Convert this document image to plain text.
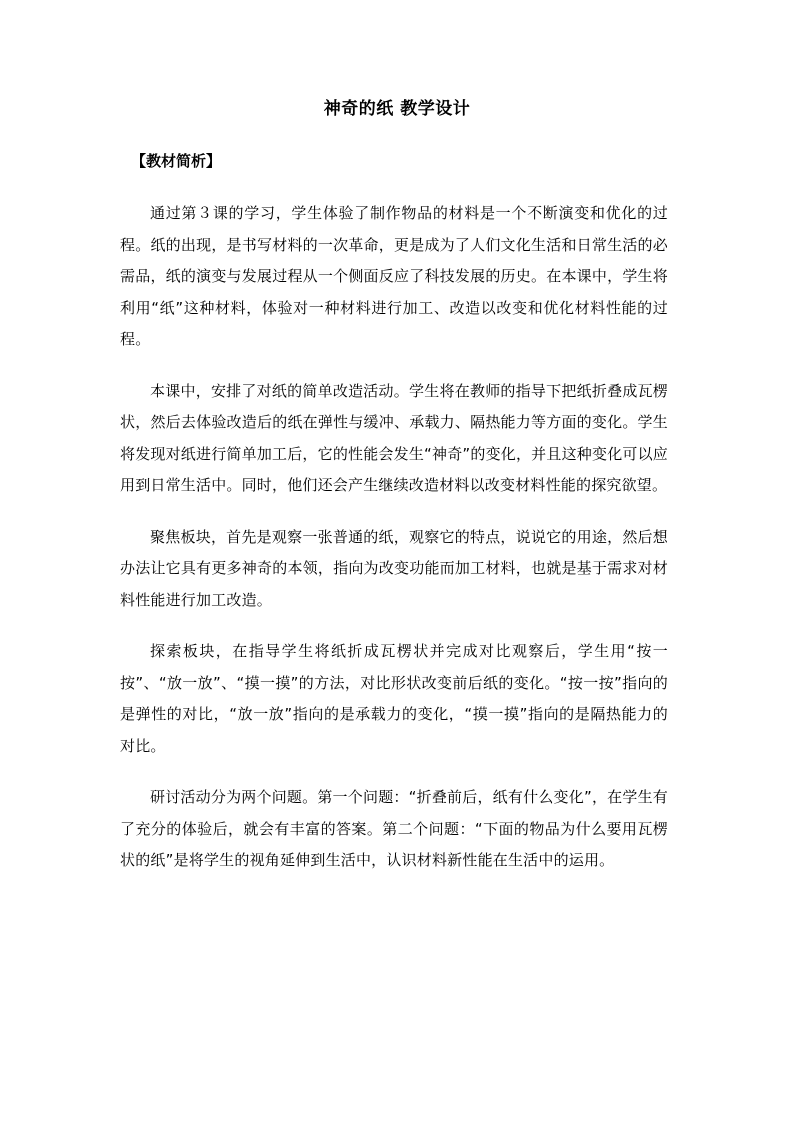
神奇的纸 教学设计
【教材简析】

通过第３课的学习，学生体验了制作物品的材料是一个不断演变和优化的过程。纸的出现，是书写材料的一次革命，更是成为了人们文化生活和日常生活的必需品，纸的演变与发展过程从一个侧面反应了科技发展的历史。在本课中，学生将利用“纸”这种材料，体验对一种材料进行加工、改造以改变和优化材料性能的过程。

本课中，安排了对纸的简单改造活动。学生将在教师的指导下把纸折叠成瓦楞状，然后去体验改造后的纸在弹性与缓冲、承载力、隔热能力等方面的变化。学生将发现对纸进行简单加工后，它的性能会发生“神奇”的变化，并且这种变化可以应用到日常生活中。同时，他们还会产生继续改造材料以改变材料性能的探究欲望。

聚焦板块，首先是观察一张普通的纸，观察它的特点，说说它的用途，然后想办法让它具有更多神奇的本领，指向为改变功能而加工材料，也就是基于需求对材料性能进行加工改造。

探索板块，在指导学生将纸折成瓦楞状并完成对比观察后，学生用“按一按”、“放一放”、“摸一摸”的方法，对比形状改变前后纸的变化。“按一按”指向的是弹性的对比，“放一放”指向的是承载力的变化，“摸一摸”指向的是隔热能力的对比。

研讨活动分为两个问题。第一个问题：“折叠前后，纸有什么变化”，在学生有了充分的体验后，就会有丰富的答案。第二个问题：“下面的物品为什么要用瓦楞状的纸”是将学生的视角延伸到生活中，认识材料新性能在生活中的运用。
